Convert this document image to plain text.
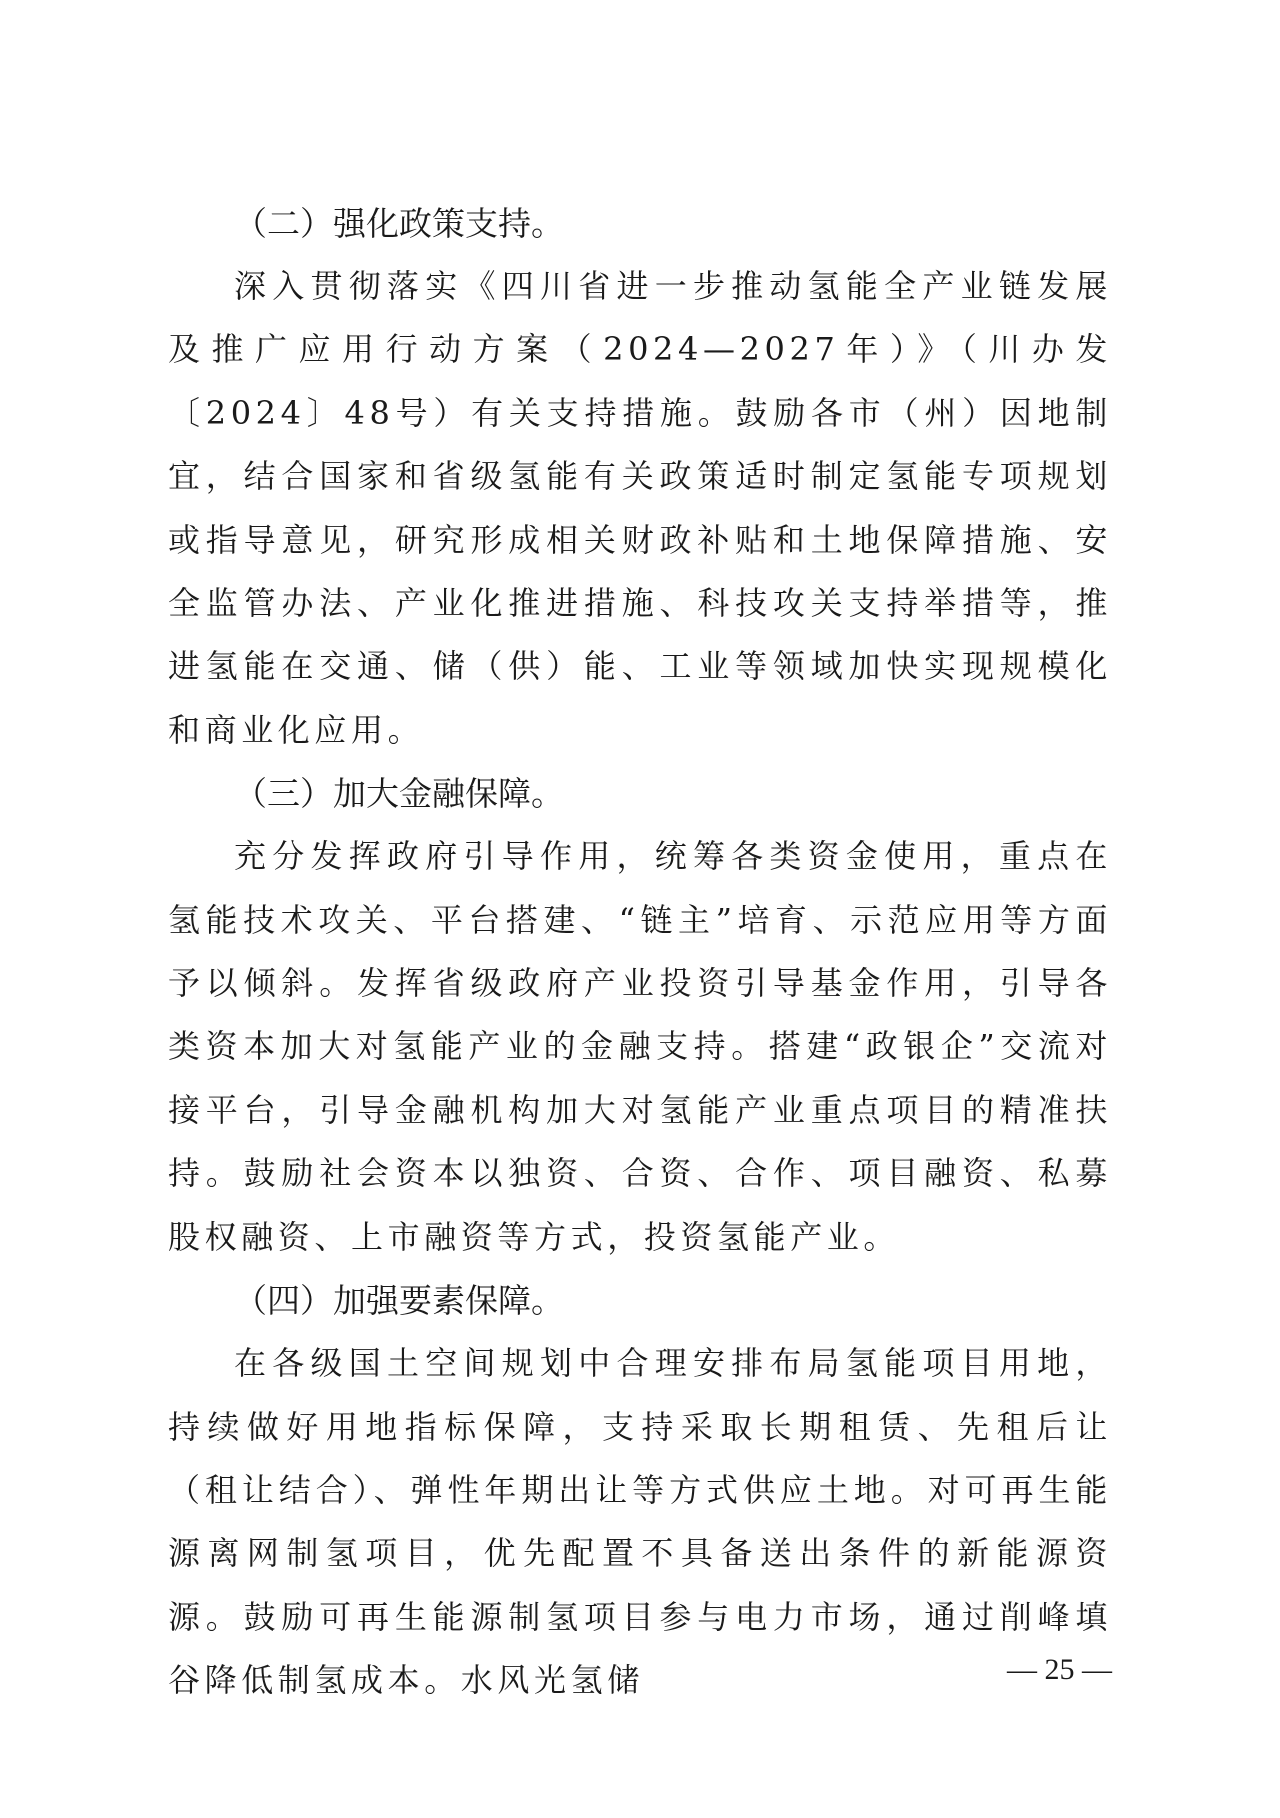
（二）强化政策支持。

深入贯彻落实《四川省进一步推动氢能全产业链发展及推广应用行动方案（2024—2027年）》（川办发〔2024〕48号）有关支持措施。鼓励各市（州）因地制宜，结合国家和省级氢能有关政策适时制定氢能专项规划或指导意见，研究形成相关财政补贴和土地保障措施、安全监管办法、产业化推进措施、科技攻关支持举措等，推进氢能在交通、储（供）能、工业等领域加快实现规模化和商业化应用。

（三）加大金融保障。

充分发挥政府引导作用，统筹各类资金使用，重点在氢能技术攻关、平台搭建、“链主”培育、示范应用等方面予以倾斜。发挥省级政府产业投资引导基金作用，引导各类资本加大对氢能产业的金融支持。搭建“政银企”交流对接平台，引导金融机构加大对氢能产业重点项目的精准扶持。鼓励社会资本以独资、合资、合作、项目融资、私募股权融资、上市融资等方式，投资氢能产业。

（四）加强要素保障。

在各级国土空间规划中合理安排布局氢能项目用地，持续做好用地指标保障，支持采取长期租赁、先租后让（租让结合）、弹性年期出让等方式供应土地。对可再生能源离网制氢项目，优先配置不具备送出条件的新能源资源。鼓励可再生能源制氢项目参与电力市场，通过削峰填谷降低制氢成本。水风光氢储	— 25 —
